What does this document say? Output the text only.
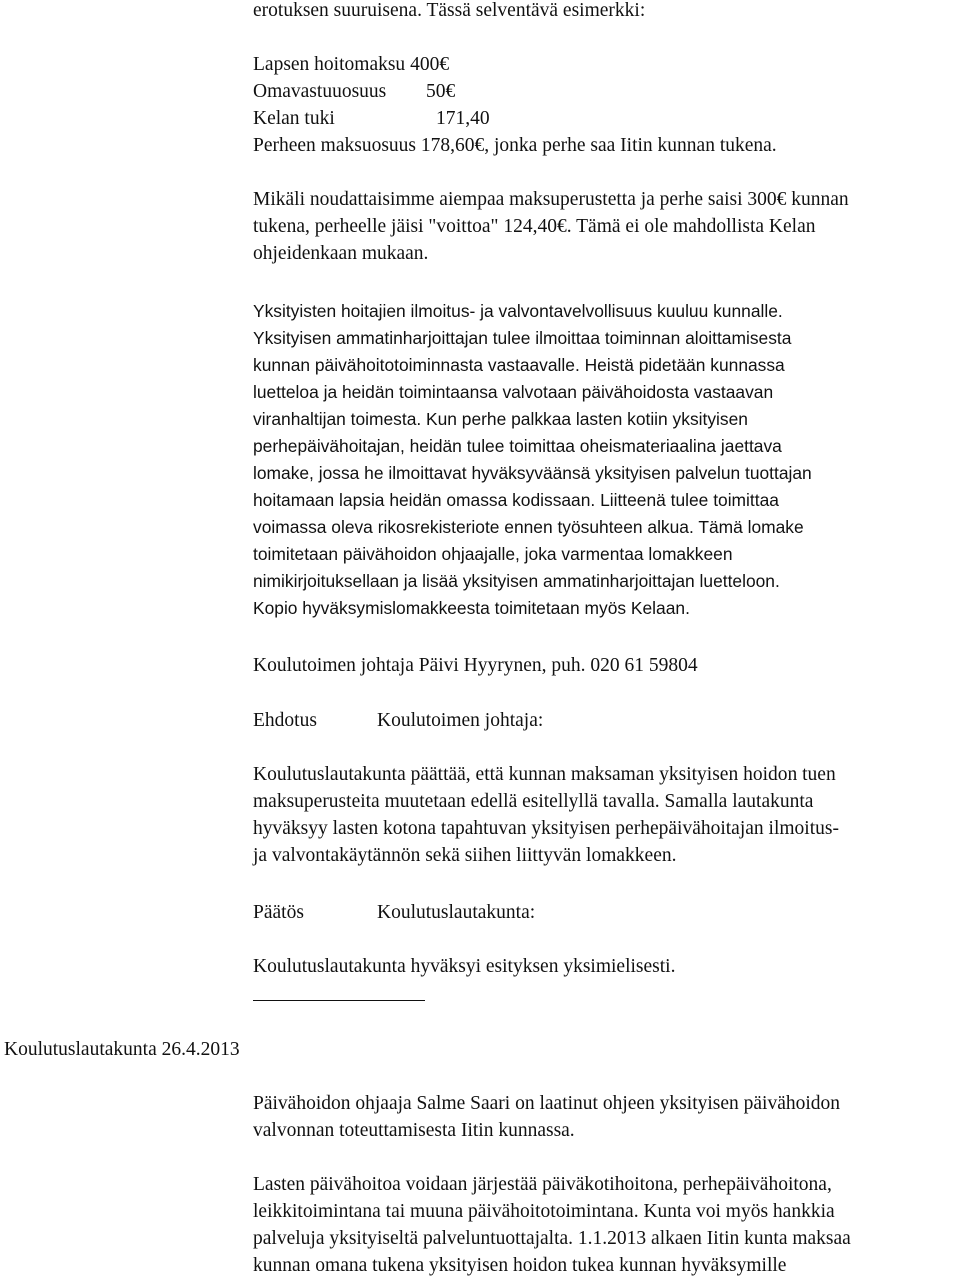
erotuksen suuruisena. Tässä selventävä esimerkki:
Lapsen hoitomaksu 400€
Omavastuuosuus 50€
Kelan tuki	171,40
Perheen maksuosuus 178,60€, jonka perhe saa Iitin kunnan tukena.
Mikäli noudattaisimme aiempaa maksuperustetta ja perhe saisi 300€ kunnan
tukena, perheelle jäisi "voittoa" 124,40€. Tämä ei ole mahdollista Kelan
ohjeidenkaan mukaan.
Yksityisten hoitajien ilmoitus- ja valvontavelvollisuus kuuluu kunnalle.
Yksityisen ammatinharjoittajan tulee ilmoittaa toiminnan aloittamisesta
kunnan päivähoitotoiminnasta vastaavalle. Heistä pidetään kunnassa
luetteloa ja heidän toimintaansa valvotaan päivähoidosta vastaavan
viranhaltijan toimesta. Kun perhe palkkaa lasten kotiin yksityisen
perhepäivähoitajan, heidän tulee toimittaa oheismateriaalina jaettava
lomake, jossa he ilmoittavat hyväksyväänsä yksityisen palvelun tuottajan
hoitamaan lapsia heidän omassa kodissaan. Liitteenä tulee toimittaa
voimassa oleva rikosrekisteriote ennen työsuhteen alkua. Tämä lomake
toimitetaan päivähoidon ohjaajalle, joka varmentaa lomakkeen
nimikirjoituksellaan ja lisää yksityisen ammatinharjoittajan luetteloon.
Kopio hyväksymislomakkeesta toimitetaan myös Kelaan.
Koulutoimen johtaja Päivi Hyyrynen, puh. 020 61 59804
Ehdotus	Koulutoimen johtaja:
Koulutuslautakunta päättää, että kunnan maksaman yksityisen hoidon tuen
maksuperusteita muutetaan edellä esitellyllä tavalla. Samalla lautakunta
hyväksyy lasten kotona tapahtuvan yksityisen perhepäivähoitajan ilmoitus-
ja valvontakäytännön sekä siihen liittyvän lomakkeen.
Päätös	Koulutuslautakunta:
Koulutuslautakunta hyväksyi esityksen yksimielisesti.
Koulutuslautakunta 26.4.2013
Päivähoidon ohjaaja Salme Saari on laatinut ohjeen yksityisen päivähoidon
valvonnan toteuttamisesta Iitin kunnassa.
Lasten päivähoitoa voidaan järjestää päiväkotihoitona, perhepäivähoitona,
leikkitoimintana tai muuna päivähoitotoimintana. Kunta voi myös hankkia
palveluja yksityiseltä palveluntuottajalta. 1.1.2013 alkaen Iitin kunta maksaa
kunnan omana tukena yksityisen hoidon tukea kunnan hyväksymille
